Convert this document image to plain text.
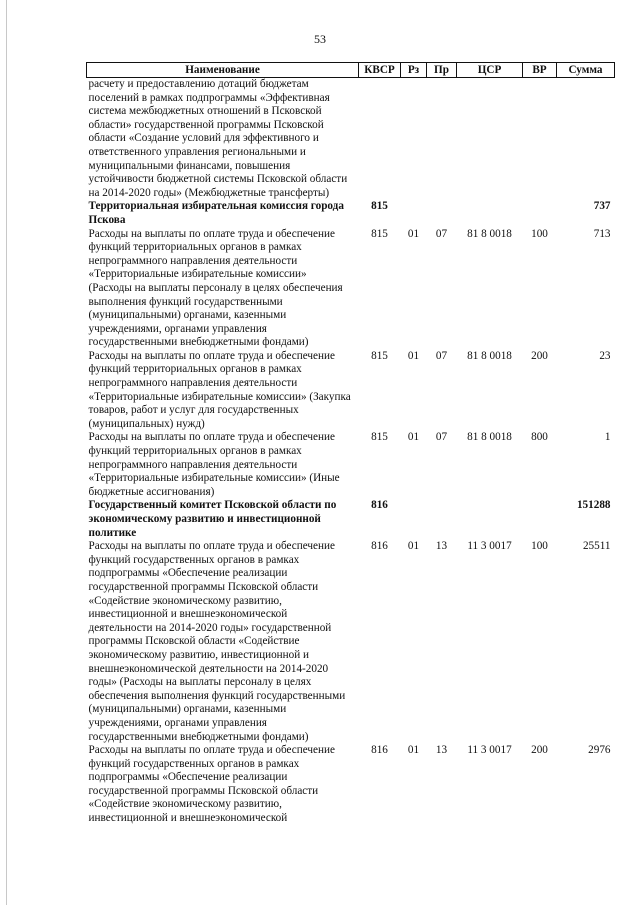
53
Наименование	КВСР	Рз	Пр	ЦСР	ВР	Сумма
расчету и предоставлению дотаций бюджетам поселений в рамках подпрограммы «Эффективная система межбюджетных отношений в Псковской области» государственной программы Псковской области «Создание условий для эффективного и ответственного управления региональными и муниципальными финансами, повышения устойчивости бюджетной системы Псковской области на 2014-2020 годы» (Межбюджетные трансферты)						
Территориальная избирательная комиссия города Пскова	815					737
Расходы на выплаты по оплате труда и обеспечение функций территориальных органов в рамках непрограммного направления деятельности «Территориальные избирательные комиссии» (Расходы на выплаты персоналу в целях обеспечения выполнения функций государственными (муниципальными) органами, казенными учреждениями, органами управления государственными внебюджетными фондами)	815	01	07	81 8 0018	100	713
Расходы на выплаты по оплате труда и обеспечение функций территориальных органов в рамках непрограммного направления деятельности «Территориальные избирательные комиссии» (Закупка товаров, работ и услуг для государственных (муниципальных) нужд)	815	01	07	81 8 0018	200	23
Расходы на выплаты по оплате труда и обеспечение функций территориальных органов в рамках непрограммного направления деятельности «Территориальные избирательные комиссии» (Иные бюджетные ассигнования)	815	01	07	81 8 0018	800	1
Государственный комитет Псковской области по экономическому развитию и инвестиционной политике	816					151288
Расходы на выплаты по оплате труда и обеспечение функций государственных органов в рамках подпрограммы «Обеспечение реализации государственной программы Псковской области «Содействие экономическому развитию, инвестиционной и внешнеэкономической деятельности на 2014-2020 годы» государственной программы Псковской области «Содействие экономическому развитию, инвестиционной и внешнеэкономической деятельности на 2014-2020 годы» (Расходы на выплаты персоналу в целях обеспечения выполнения функций государственными (муниципальными) органами, казенными учреждениями, органами управления государственными внебюджетными фондами)	816	01	13	11 3 0017	100	25511
Расходы на выплаты по оплате труда и обеспечение функций государственных органов в рамках подпрограммы «Обеспечение реализации государственной программы Псковской области «Содействие экономическому развитию, инвестиционной и внешнеэкономической	816	01	13	11 3 0017	200	2976
